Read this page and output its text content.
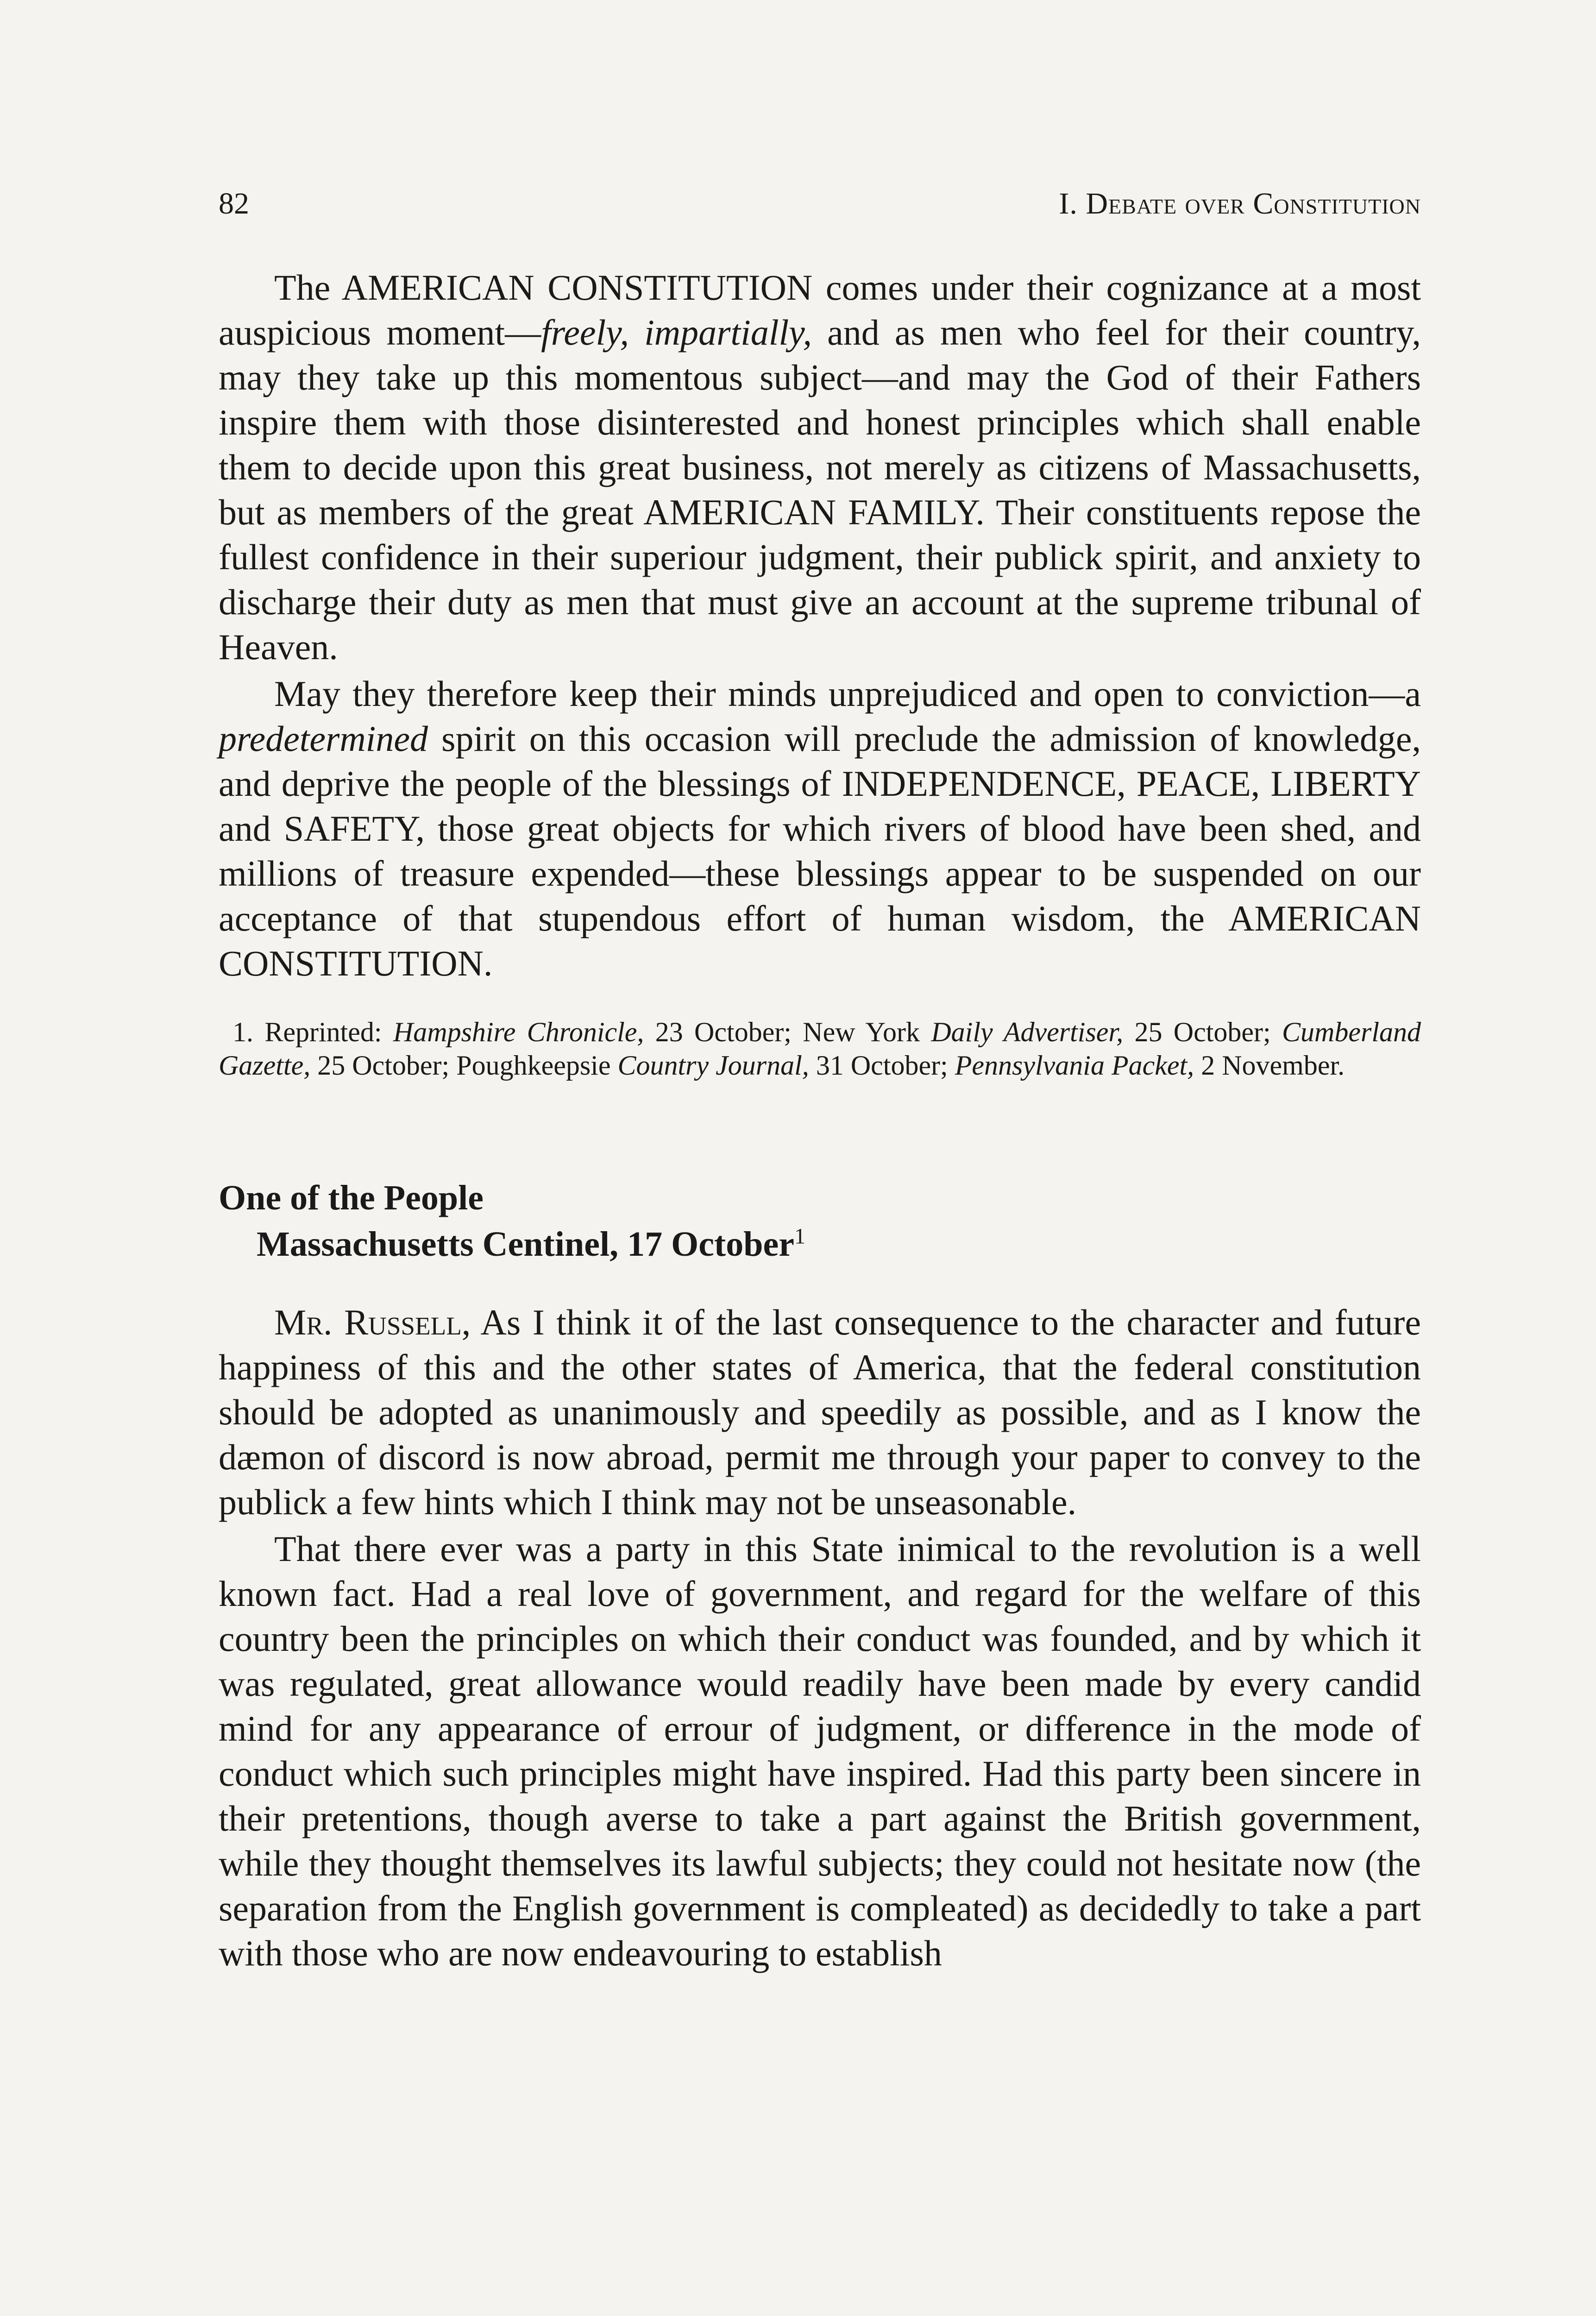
82	I. Debate over Constitution

The AMERICAN CONSTITUTION comes under their cognizance at a most auspicious moment—freely, impartially, and as men who feel for their country, may they take up this momentous subject—and may the God of their Fathers inspire them with those disinterested and honest principles which shall enable them to decide upon this great business, not merely as citizens of Massachusetts, but as members of the great AMERICAN FAMILY. Their constituents repose the fullest confidence in their superiour judgment, their publick spirit, and anxiety to discharge their duty as men that must give an account at the supreme tribunal of Heaven.

May they therefore keep their minds unprejudiced and open to conviction—a predetermined spirit on this occasion will preclude the admission of knowledge, and deprive the people of the blessings of INDEPENDENCE, PEACE, LIBERTY and SAFETY, those great objects for which rivers of blood have been shed, and millions of treasure expended—these blessings appear to be suspended on our acceptance of that stupendous effort of human wisdom, the AMERICAN CONSTITUTION.

1. Reprinted: Hampshire Chronicle, 23 October; New York Daily Advertiser, 25 October; Cumberland Gazette, 25 October; Poughkeepsie Country Journal, 31 October; Pennsylvania Packet, 2 November.

One of the People
Massachusetts Centinel, 17 October$^1$

Mr. Russell, As I think it of the last consequence to the character and future happiness of this and the other states of America, that the federal constitution should be adopted as unanimously and speedily as possible, and as I know the dæmon of discord is now abroad, permit me through your paper to convey to the publick a few hints which I think may not be unseasonable.

That there ever was a party in this State inimical to the revolution is a well known fact. Had a real love of government, and regard for the welfare of this country been the principles on which their conduct was founded, and by which it was regulated, great allowance would readily have been made by every candid mind for any appearance of errour of judgment, or difference in the mode of conduct which such principles might have inspired. Had this party been sincere in their pretentions, though averse to take a part against the British government, while they thought themselves its lawful subjects; they could not hesitate now (the separation from the English government is compleated) as decidedly to take a part with those who are now endeavouring to establish
